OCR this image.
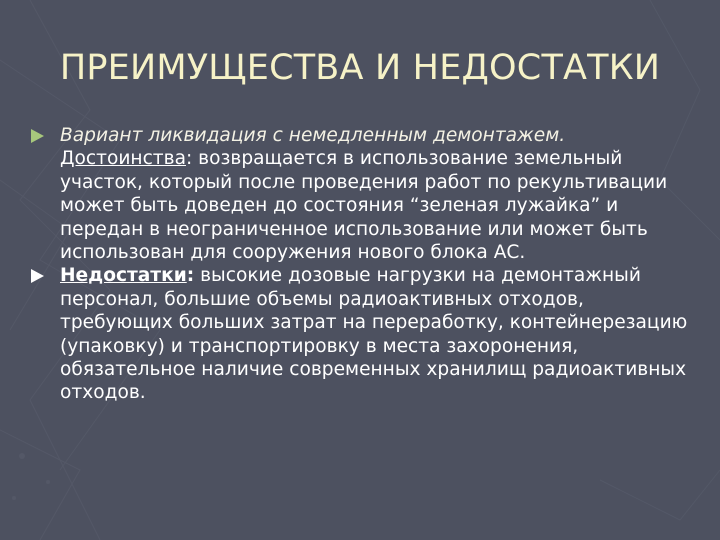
ПРЕИМУЩЕСТВА И НЕДОСТАТКИ
Вариант ликвидация с немедленным демонтажем.
Достоинства: возвращается в использование земельный участок, который после проведения работ по рекультивации может быть доведен до состояния “зеленая лужайка” и передан в неограниченное использование или может быть использован для сооружения нового блока АС.
Недостатки: высокие дозовые нагрузки на демонтажный персонал, большие объемы радиоактивных отходов, требующих больших затрат на переработку, контейнерезацию (упаковку) и транспортировку в места захоронения, обязательное наличие современных хранилищ радиоактивных отходов.
